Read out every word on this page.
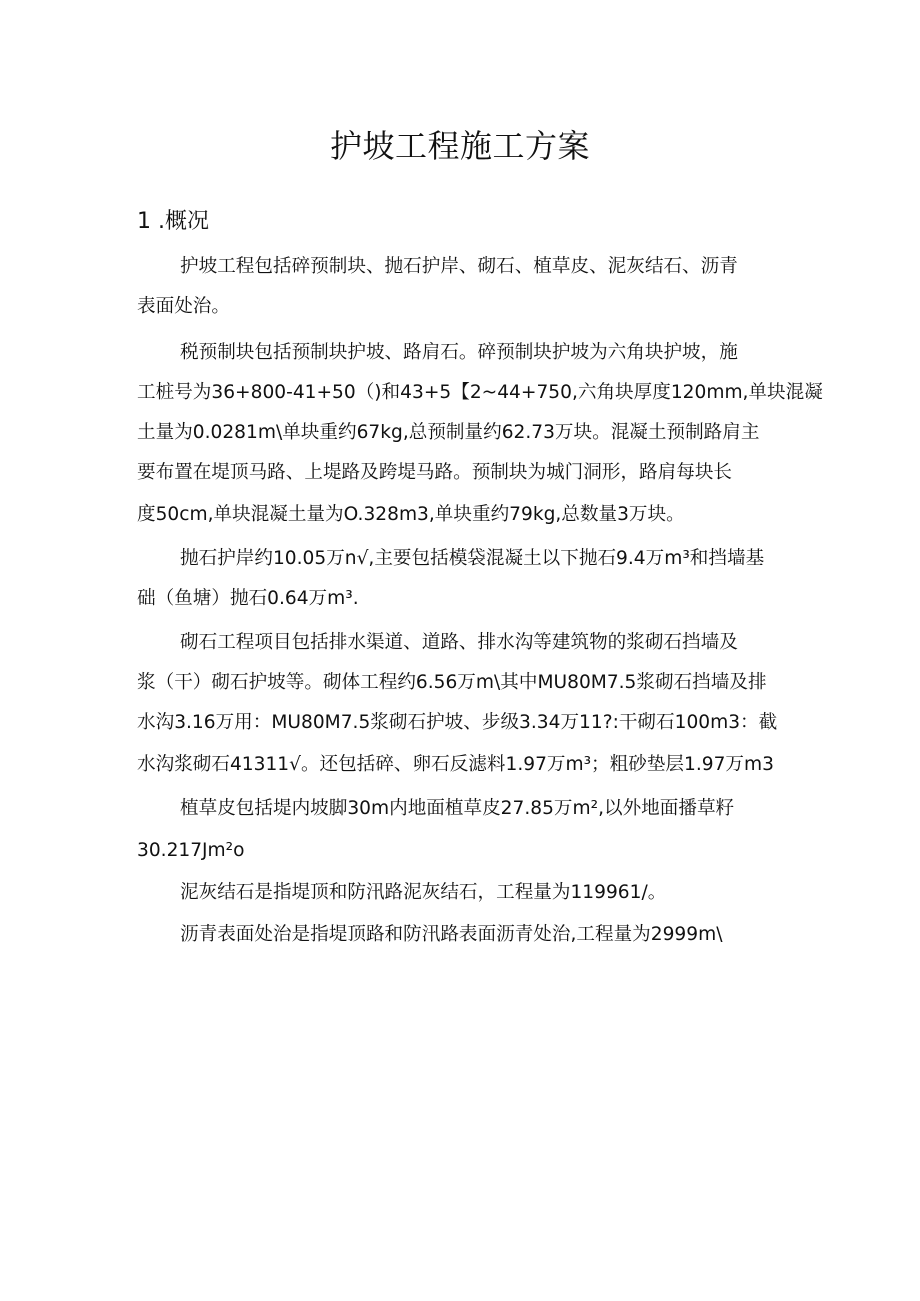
护坡工程施工方案
1 .概况

护坡工程包括碎预制块、抛石护岸、砌石、植草皮、泥灰结石、沥青

表面处治。

税预制块包括预制块护坡、路肩石。碎预制块护坡为六角块护坡，施

工桩号为36+800-41+50（)和43+5【2~44+750,六角块厚度120mm,单块混凝

土量为0.0281m\单块重约67kg,总预制量约62.73万块。混凝土预制路肩主

要布置在堤顶马路、上堤路及跨堤马路。预制块为城门洞形，路肩每块长

度50cm,单块混凝土量为O.328m3,单块重约79kg,总数量3万块。

抛石护岸约10.05万n√,主要包括模袋混凝土以下抛石9.4万m³和挡墙基

础（鱼塘）抛石0.64万m³.

砌石工程项目包括排水渠道、道路、排水沟等建筑物的浆砌石挡墙及

浆（干）砌石护坡等。砌体工程约6.56万m\其中MU80M7.5浆砌石挡墙及排

水沟3.16万用：MU80M7.5浆砌石护坡、步级3.34万11?:干砌石100m3：截

水沟浆砌石41311√。还包括碎、卵石反滤料1.97万m³；粗砂垫层1.97万m3

植草皮包括堤内坡脚30m内地面植草皮27.85万m²,以外地面播草籽

30.217Jm²o

泥灰结石是指堤顶和防汛路泥灰结石，工程量为119961/。

沥青表面处治是指堤顶路和防汛路表面沥青处治,工程量为2999m\
